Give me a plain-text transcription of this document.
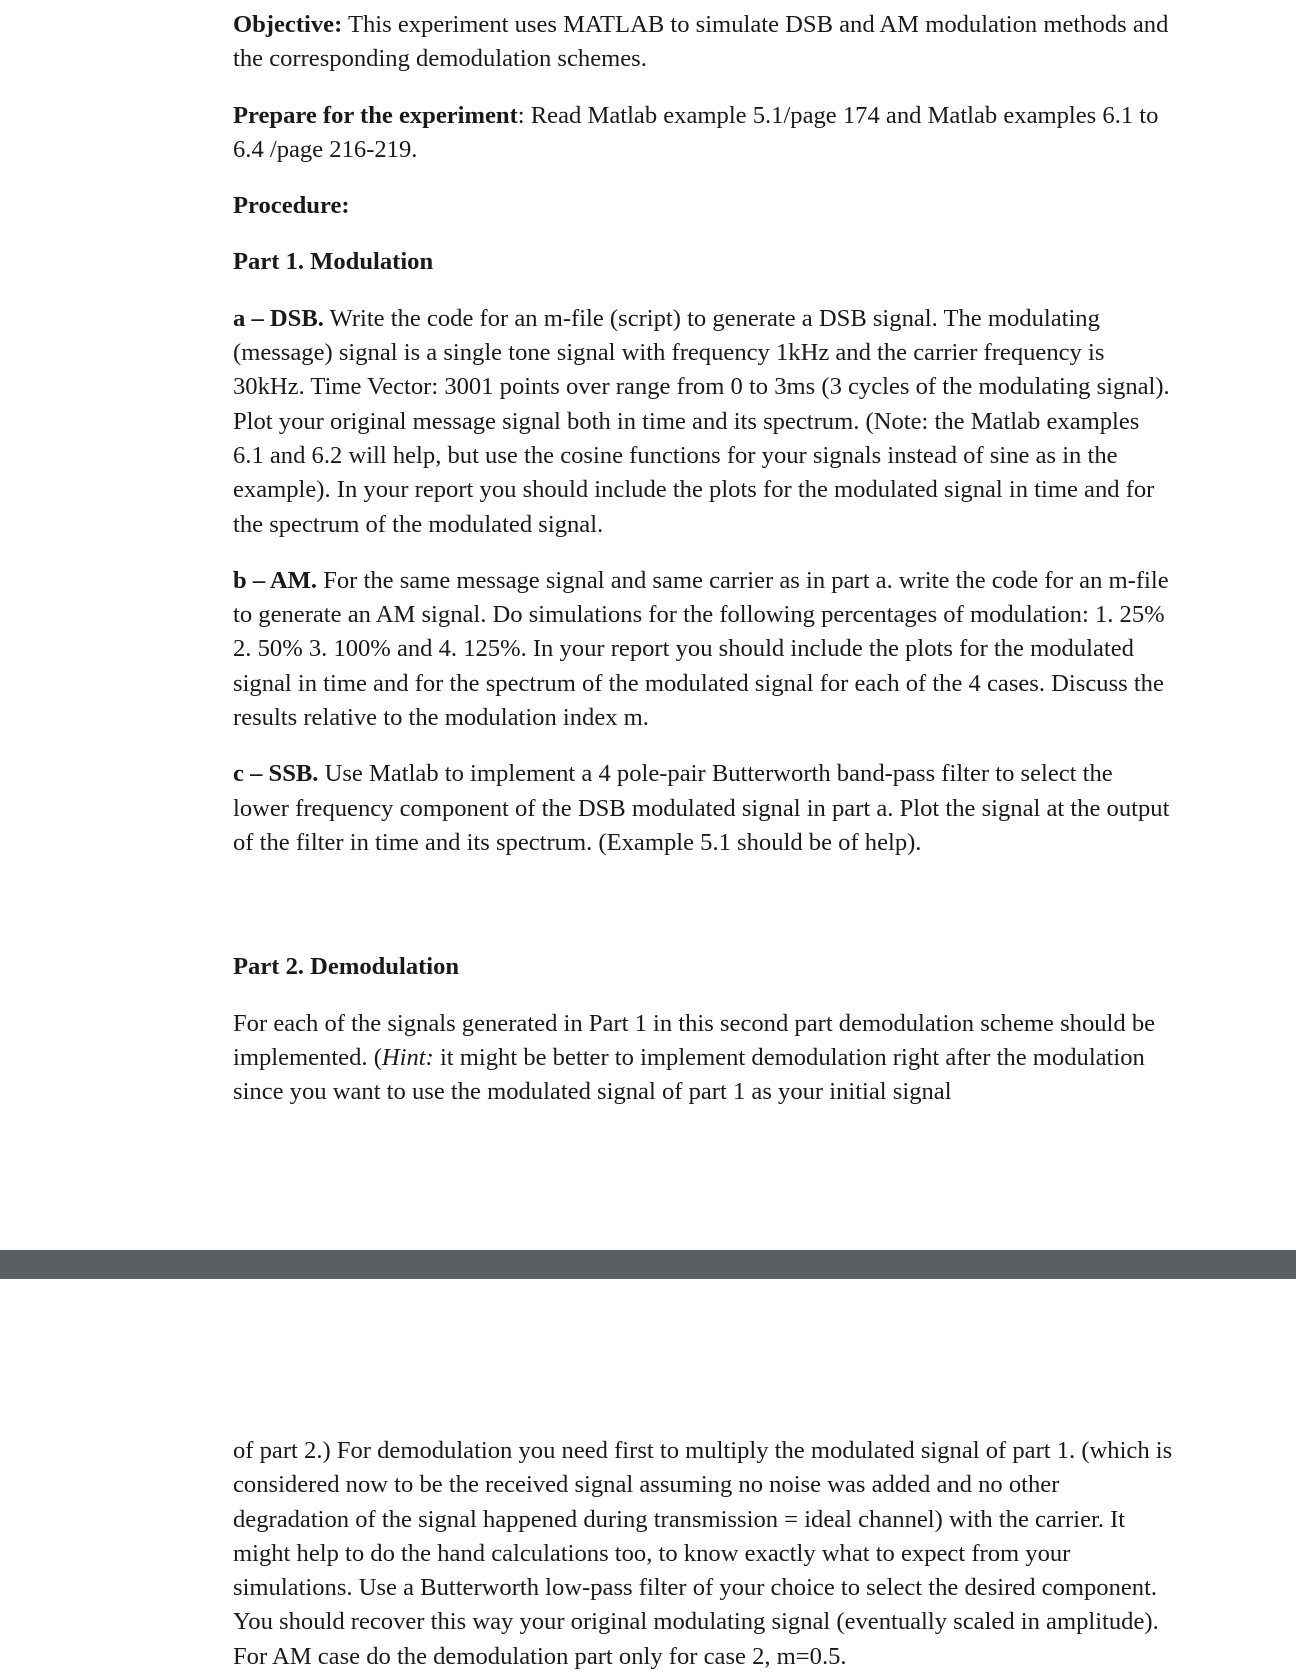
Objective: This experiment uses MATLAB to simulate DSB and AM modulation methods and the corresponding demodulation schemes.

Prepare for the experiment: Read Matlab example 5.1/page 174 and Matlab examples 6.1 to 6.4 /page 216-219.

Procedure:

Part 1. Modulation

a – DSB. Write the code for an m-file (script) to generate a DSB signal. The modulating (message) signal is a single tone signal with frequency 1kHz and the carrier frequency is 30kHz. Time Vector: 3001 points over range from 0 to 3ms (3 cycles of the modulating signal). Plot your original message signal both in time and its spectrum. (Note: the Matlab examples 6.1 and 6.2 will help, but use the cosine functions for your signals instead of sine as in the example). In your report you should include the plots for the modulated signal in time and for the spectrum of the modulated signal.

b – AM. For the same message signal and same carrier as in part a. write the code for an m-file to generate an AM signal. Do simulations for the following percentages of modulation: 1. 25% 2. 50% 3. 100% and 4. 125%. In your report you should include the plots for the modulated signal in time and for the spectrum of the modulated signal for each of the 4 cases. Discuss the results relative to the modulation index m.

c – SSB. Use Matlab to implement a 4 pole-pair Butterworth band-pass filter to select the lower frequency component of the DSB modulated signal in part a. Plot the signal at the output of the filter in time and its spectrum. (Example 5.1 should be of help).

Part 2. Demodulation

For each of the signals generated in Part 1 in this second part demodulation scheme should be implemented. (Hint: it might be better to implement demodulation right after the modulation since you want to use the modulated signal of part 1 as your initial signal

of part 2.) For demodulation you need first to multiply the modulated signal of part 1. (which is considered now to be the received signal assuming no noise was added and no other degradation of the signal happened during transmission = ideal channel) with the carrier. It might help to do the hand calculations too, to know exactly what to expect from your simulations. Use a Butterworth low-pass filter of your choice to select the desired component. You should recover this way your original modulating signal (eventually scaled in amplitude). For AM case do the demodulation part only for case 2, m=0.5.
